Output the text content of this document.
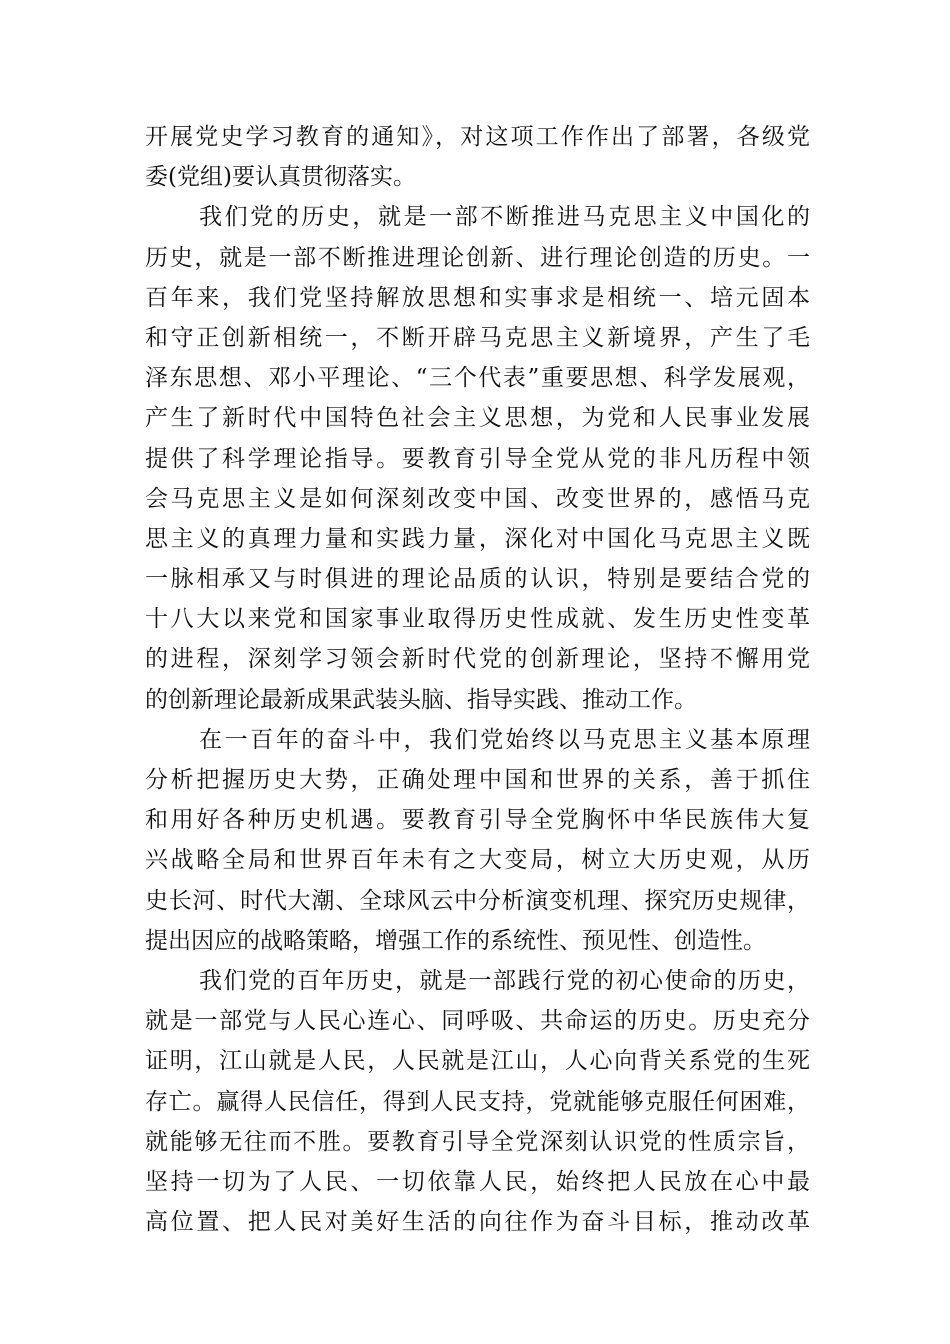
开展党史学习教育的通知》，对这项工作作出了部署，各级党
委(党组)要认真贯彻落实。
我们党的历史，就是一部不断推进马克思主义中国化的
历史，就是一部不断推进理论创新、进行理论创造的历史。一
百年来，我们党坚持解放思想和实事求是相统一、培元固本
和守正创新相统一，不断开辟马克思主义新境界，产生了毛
泽东思想、邓小平理论、“三个代表”重要思想、科学发展观，
产生了新时代中国特色社会主义思想，为党和人民事业发展
提供了科学理论指导。要教育引导全党从党的非凡历程中领
会马克思主义是如何深刻改变中国、改变世界的，感悟马克
思主义的真理力量和实践力量，深化对中国化马克思主义既
一脉相承又与时俱进的理论品质的认识，特别是要结合党的
十八大以来党和国家事业取得历史性成就、发生历史性变革
的进程，深刻学习领会新时代党的创新理论，坚持不懈用党
的创新理论最新成果武装头脑、指导实践、推动工作。
在一百年的奋斗中，我们党始终以马克思主义基本原理
分析把握历史大势，正确处理中国和世界的关系，善于抓住
和用好各种历史机遇。要教育引导全党胸怀中华民族伟大复
兴战略全局和世界百年未有之大变局，树立大历史观，从历
史长河、时代大潮、全球风云中分析演变机理、探究历史规律，
提出因应的战略策略，增强工作的系统性、预见性、创造性。
我们党的百年历史，就是一部践行党的初心使命的历史，
就是一部党与人民心连心、同呼吸、共命运的历史。历史充分
证明，江山就是人民，人民就是江山，人心向背关系党的生死
存亡。赢得人民信任，得到人民支持，党就能够克服任何困难，
就能够无往而不胜。要教育引导全党深刻认识党的性质宗旨，
坚持一切为了人民、一切依靠人民，始终把人民放在心中最
高位置、把人民对美好生活的向往作为奋斗目标，推动改革
